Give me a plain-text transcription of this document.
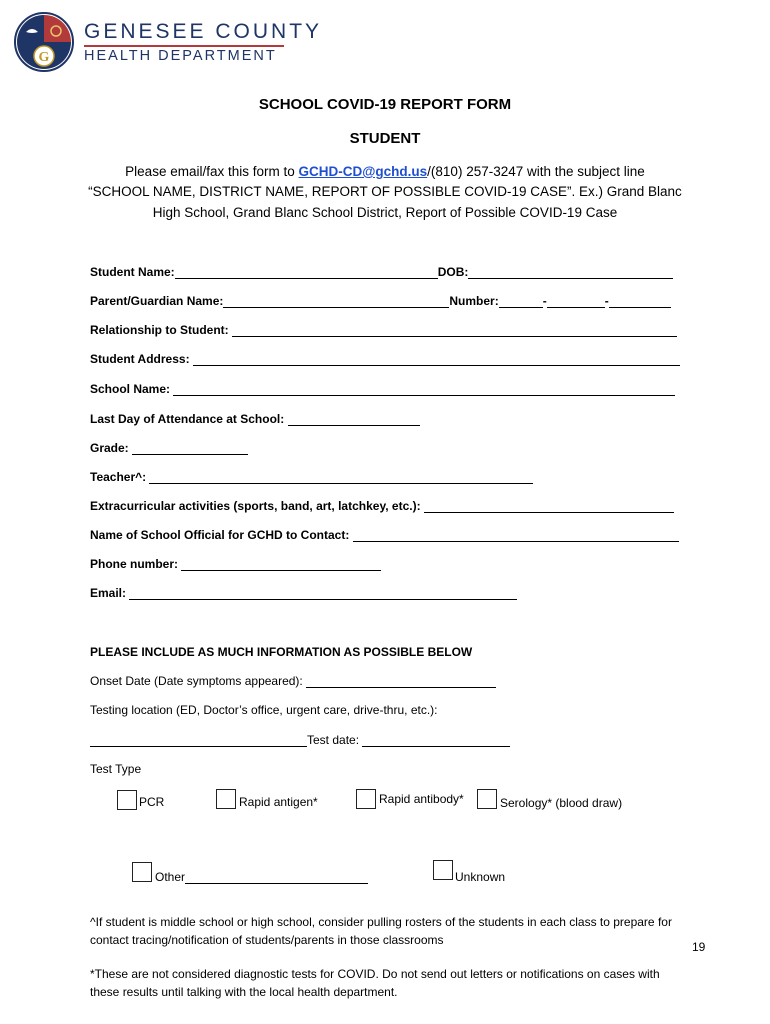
G
GENESEE COUNTY
HEALTH DEPARTMENT
SCHOOL COVID-19 REPORT FORM
STUDENT
Please email/fax this form to GCHD-CD@gchd.us/(810) 257-3247 with the subject line
“SCHOOL NAME, DISTRICT NAME, REPORT OF POSSIBLE COVID-19 CASE”. Ex.) Grand Blanc
High School, Grand Blanc School District, Report of Possible COVID-19 Case
Student Name:	DOB:
Parent/Guardian Name:	Number:	-	-
Relationship to Student:

Student Address:

School Name:

Last Day of Attendance at School:

Grade:

Teacher^:

Extracurricular activities (sports, band, art, latchkey, etc.):

Name of School Official for GCHD to Contact:

Phone number:

Email:

PLEASE INCLUDE AS MUCH INFORMATION AS POSSIBLE BELOW
Onset Date (Date symptoms appeared):

Testing location (ED, Doctor’s office, urgent care, drive-thru, etc.):
Test date:

Test Type
PCR	Rapid antigen*	Rapid antibody*	Serology* (blood draw)
Other	Unknown
^If student is middle school or high school, consider pulling rosters of the students in each class to prepare for contact tracing/notification of students/parents in those classrooms	19
*These are not considered diagnostic tests for COVID. Do not send out letters or notifications on cases with these results until talking with the local health department.
